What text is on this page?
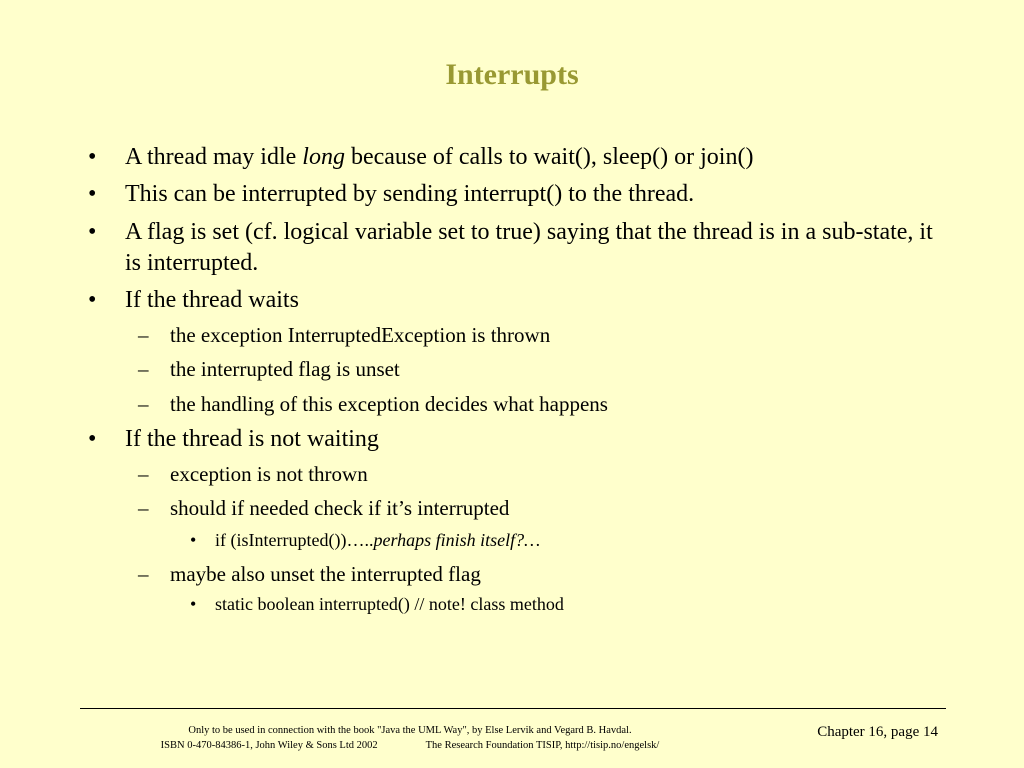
Interrupts
• A thread may idle long because of calls to wait(), sleep() or join()
• This can be interrupted by sending interrupt() to the thread.
• A flag is set (cf. logical variable set to true) saying that the thread is in a sub-state, it is interrupted.
• If the thread waits
– the exception InterruptedException is thrown
– the interrupted flag is unset
– the handling of this exception decides what happens
• If the thread is not waiting
– exception is not thrown
– should if needed check if it’s interrupted
• if (isInterrupted())…..perhaps finish itself?…
– maybe also unset the interrupted flag
• static boolean interrupted() // note! class method
Only to be used in connection with the book "Java the UML Way", by Else Lervik and Vegard B. Havdal.
ISBN 0-470-84386-1, John Wiley & Sons Ltd 2002	The Research Foundation TISIP, http://tisip.no/engelsk/
Chapter 16, page 14
